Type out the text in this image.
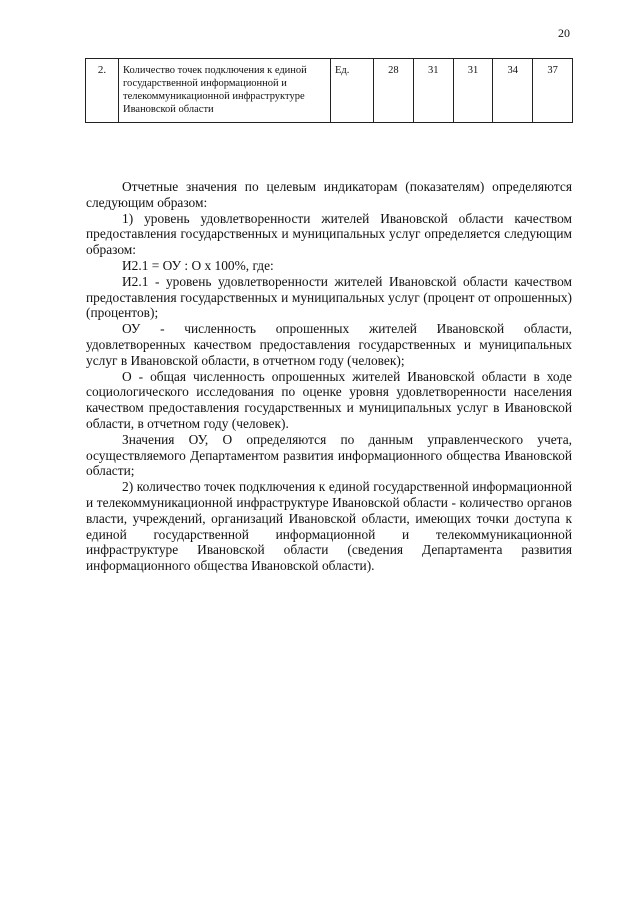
20
2.	Количество точек подключения к единой государственной информационной и телекоммуникационной инфраструктуре Ивановской области	Ед.	28	31	31	34	37

Отчетные значения по целевым индикаторам (показателям) определяются следующим образом:

1) уровень удовлетворенности жителей Ивановской области качеством предоставления государственных и муниципальных услуг определяется следующим образом:

И2.1 = ОУ : О х 100%, где:

И2.1 - уровень удовлетворенности жителей Ивановской области качеством предоставления государственных и муниципальных услуг (процент от опрошенных) (процентов);

ОУ - численность опрошенных жителей Ивановской области, удовлетворенных качеством предоставления государственных и муниципальных услуг в Ивановской области, в отчетном году (человек);

О - общая численность опрошенных жителей Ивановской области в ходе социологического исследования по оценке уровня удовлетворенности населения качеством предоставления государственных и муниципальных услуг в Ивановской области, в отчетном году (человек).

Значения ОУ, О определяются по данным управленческого учета, осуществляемого Департаментом развития информационного общества Ивановской области;

2) количество точек подключения к единой государственной информационной и телекоммуникационной инфраструктуре Ивановской области - количество органов власти, учреждений, организаций Ивановской области, имеющих точки доступа к единой государственной информационной и телекоммуникационной инфраструктуре Ивановской области (сведения Департамента развития информационного общества Ивановской области).
